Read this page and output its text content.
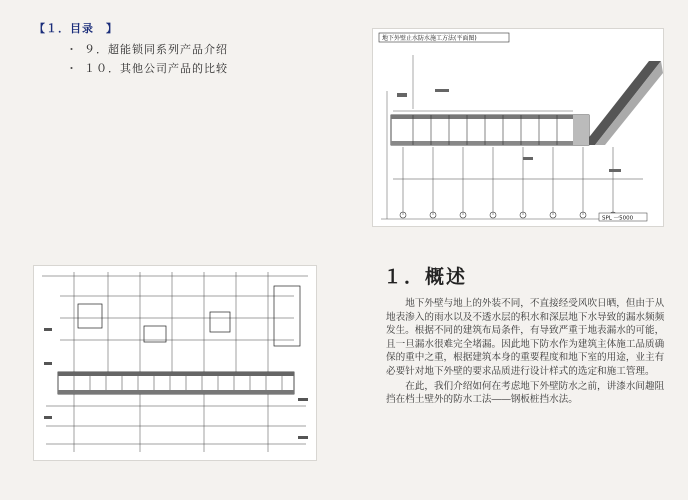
【１．目录　】
・ ９．超能锁同系列产品介绍
・ １０．其他公司产品的比较
地下外壁止水防水施工方法(平面图)
SPL 一5000
１．概述

地下外壁与地上的外装不同，不直接经受风吹日晒，但由于从地表渗入的雨水以及不透水层的积水和深层地下水导致的漏水频频发生。根据不同的建筑布局条件，有导致严重于地表漏水的可能，且一旦漏水很难完全堵漏。因此地下防水作为建筑主体施工品质确保的重中之重，根据建筑本身的重要程度和地下室的用途，业主有必要针对地下外壁的要求品质进行设计样式的选定和施工管理。

在此，我们介绍如何在考虑地下外壁防水之前，讲漆水间趣阻挡在档土壁外的防水工法――钢板桩挡水法。
